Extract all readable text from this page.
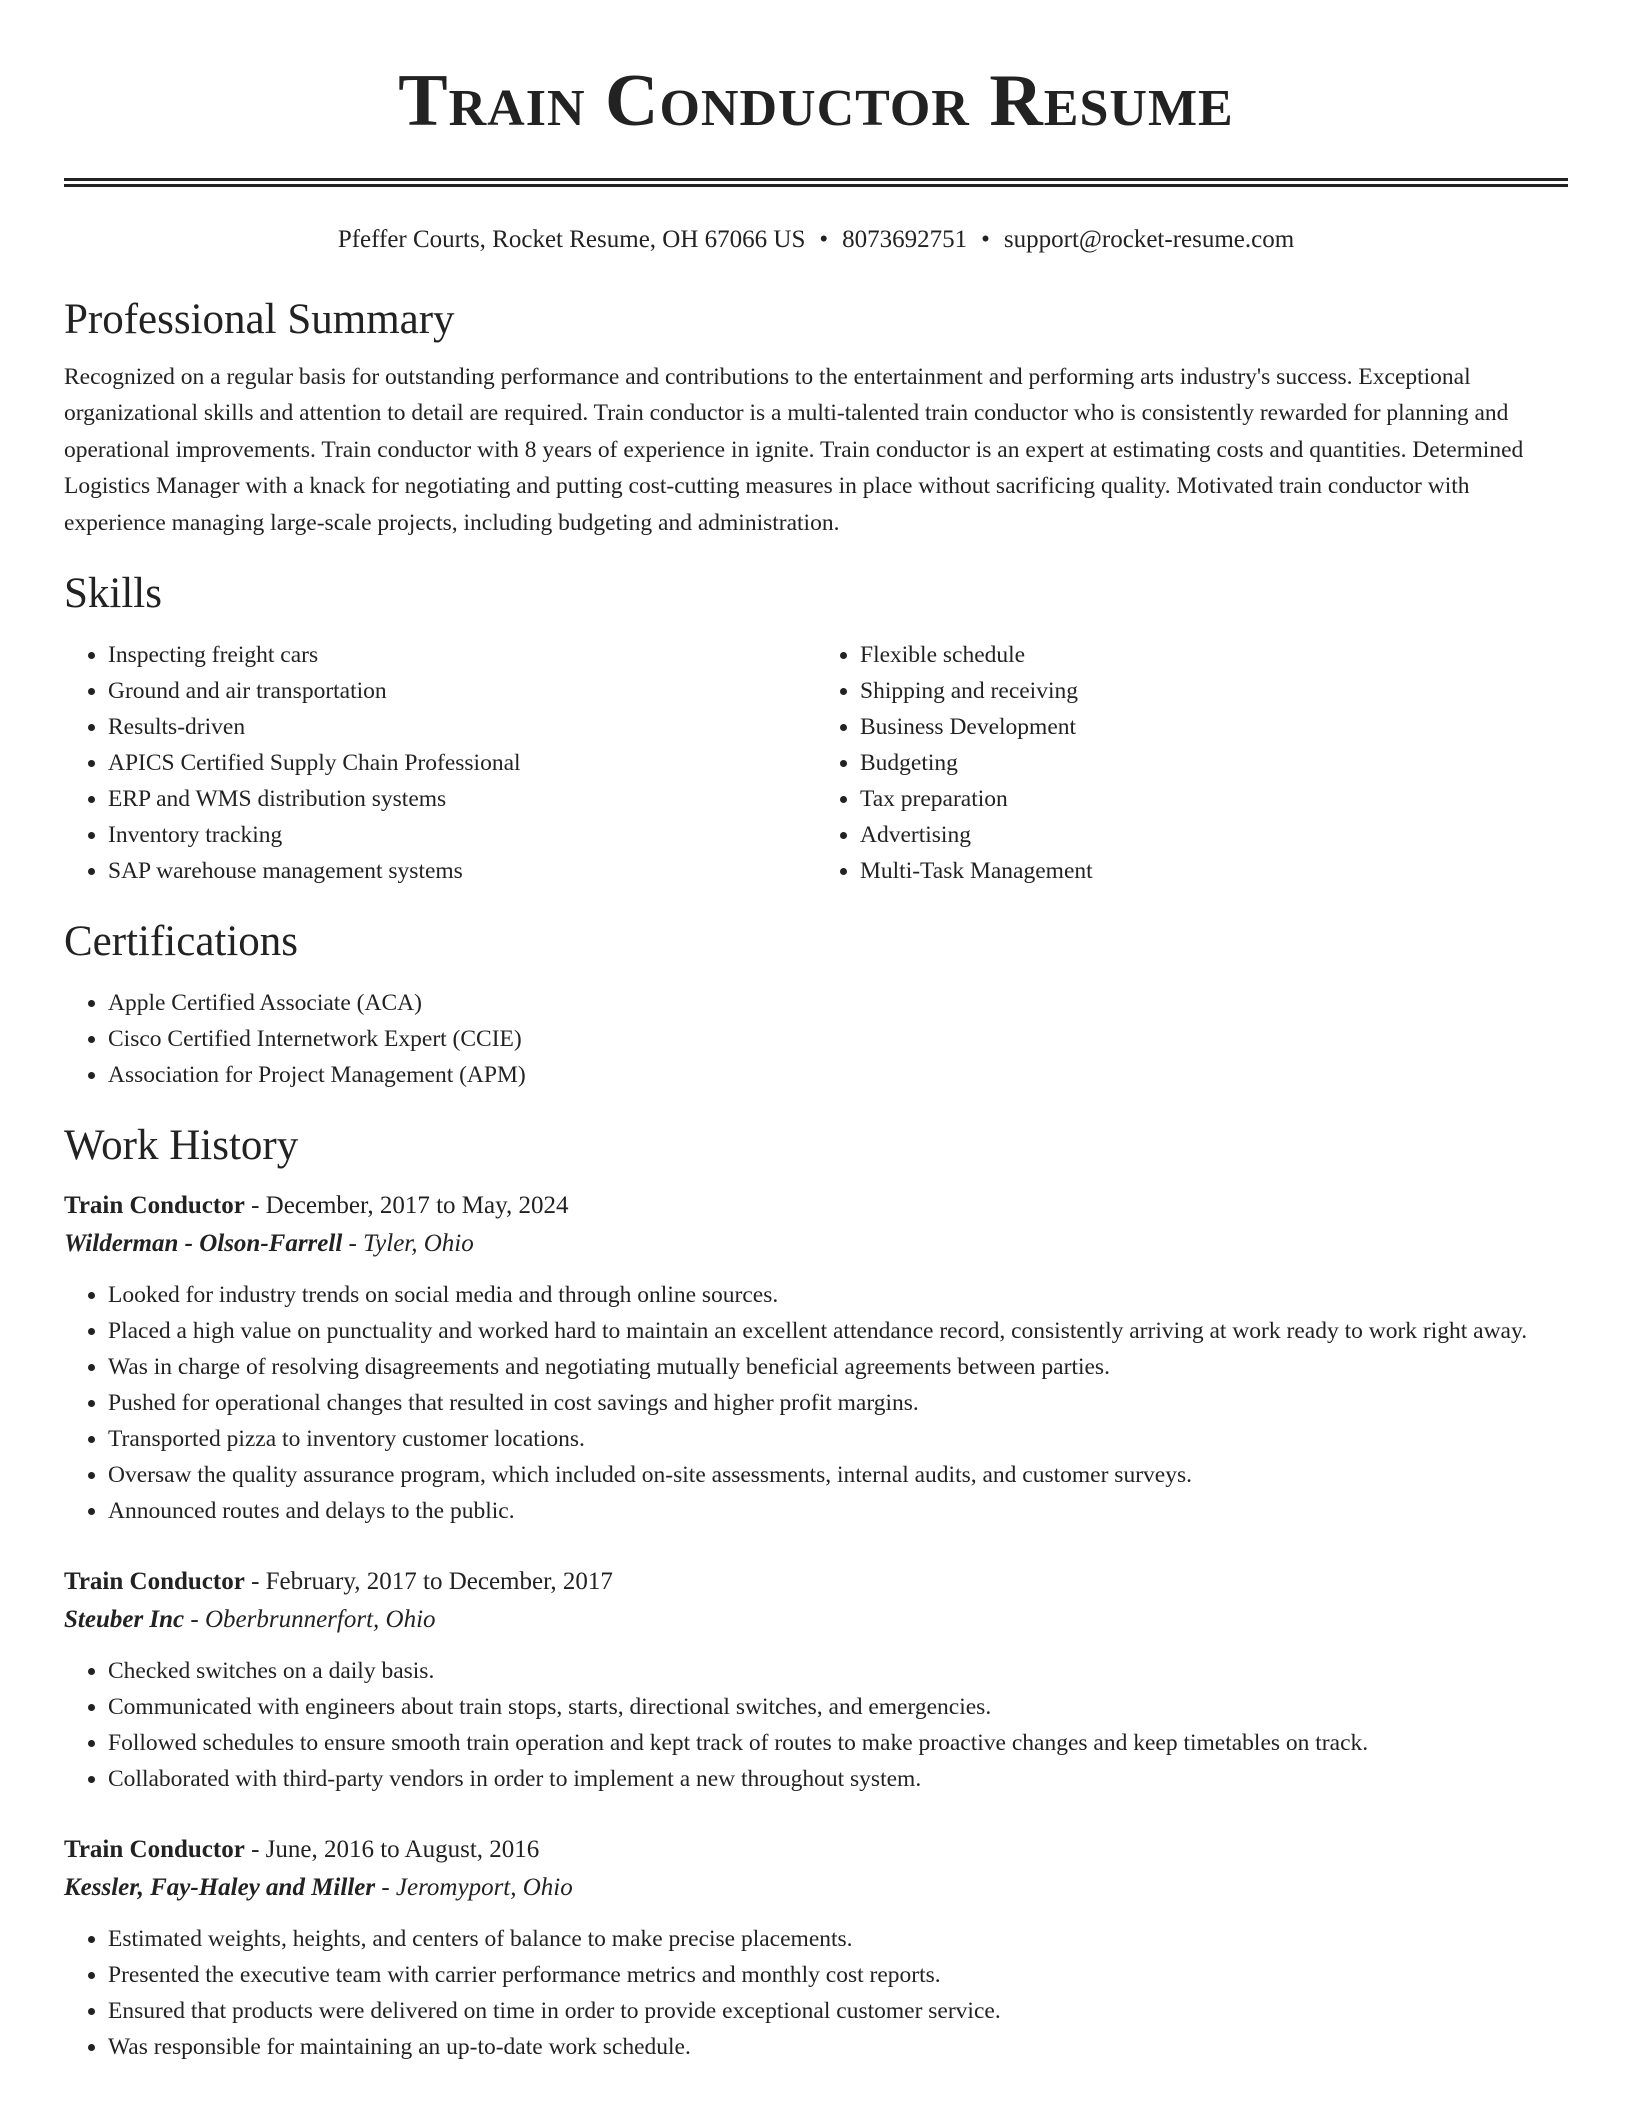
Train Conductor Resume
Pfeffer Courts, Rocket Resume, OH 67066 US • 8073692751 • support@rocket-resume.com
Professional Summary
Recognized on a regular basis for outstanding performance and contributions to the entertainment and performing arts industry's success. Exceptional organizational skills and attention to detail are required. Train conductor is a multi-talented train conductor who is consistently rewarded for planning and operational improvements. Train conductor with 8 years of experience in ignite. Train conductor is an expert at estimating costs and quantities. Determined Logistics Manager with a knack for negotiating and putting cost-cutting measures in place without sacrificing quality. Motivated train conductor with experience managing large-scale projects, including budgeting and administration.
Skills
• Inspecting freight cars
• Ground and air transportation
• Results-driven
• APICS Certified Supply Chain Professional
• ERP and WMS distribution systems
• Inventory tracking
• SAP warehouse management systems
• Flexible schedule
• Shipping and receiving
• Business Development
• Budgeting
• Tax preparation
• Advertising
• Multi-Task Management
Certifications
• Apple Certified Associate (ACA)
• Cisco Certified Internetwork Expert (CCIE)
• Association for Project Management (APM)
Work History
Train Conductor - December, 2017 to May, 2024
Wilderman - Olson-Farrell - Tyler, Ohio
• Looked for industry trends on social media and through online sources.
• Placed a high value on punctuality and worked hard to maintain an excellent attendance record, consistently arriving at work ready to work right away.
• Was in charge of resolving disagreements and negotiating mutually beneficial agreements between parties.
• Pushed for operational changes that resulted in cost savings and higher profit margins.
• Transported pizza to inventory customer locations.
• Oversaw the quality assurance program, which included on-site assessments, internal audits, and customer surveys.
• Announced routes and delays to the public.
Train Conductor - February, 2017 to December, 2017
Steuber Inc - Oberbrunnerfort, Ohio
• Checked switches on a daily basis.
• Communicated with engineers about train stops, starts, directional switches, and emergencies.
• Followed schedules to ensure smooth train operation and kept track of routes to make proactive changes and keep timetables on track.
• Collaborated with third-party vendors in order to implement a new throughout system.
Train Conductor - June, 2016 to August, 2016
Kessler, Fay-Haley and Miller - Jeromyport, Ohio
• Estimated weights, heights, and centers of balance to make precise placements.
• Presented the executive team with carrier performance metrics and monthly cost reports.
• Ensured that products were delivered on time in order to provide exceptional customer service.
• Was responsible for maintaining an up-to-date work schedule.
